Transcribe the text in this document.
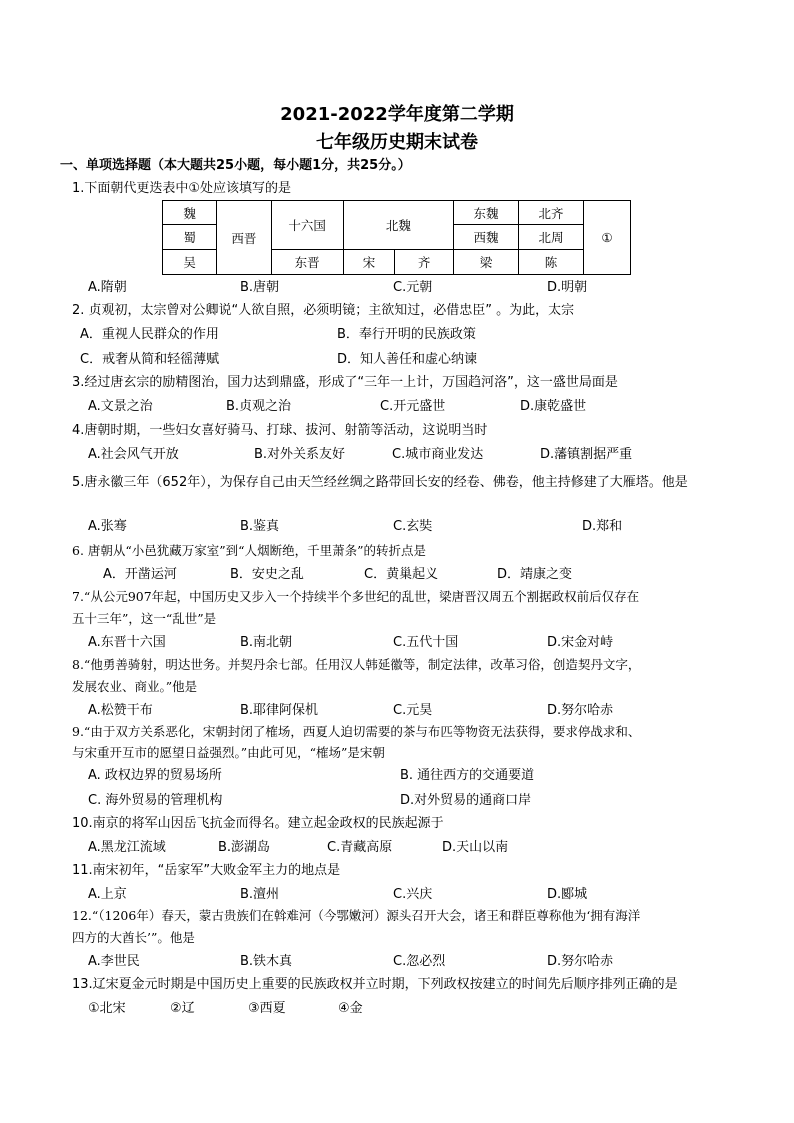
2021-2022学年度第二学期
七年级历史期末试卷
一、单项选择题（本大题共25小题，每小题1分，共25分。）
1.下面朝代更迭表中①处应该填写的是
魏	西晋	十六国	北魏		东魏	北齐	①
蜀					西魏	北周	
吴		东晋	宋	齐	梁	陈	
A.隋朝	B.唐朝	C.元朝	D.明朝
2. 贞观初，太宗曾对公卿说“人欲自照，必须明镜；主欲知过，必借忠臣” 。为此，太宗
A．重视人民群众的作用	B．奉行开明的民族政策
C．戒奢从简和轻徭薄赋	D．知人善任和虚心纳谏
3.经过唐玄宗的励精图治，国力达到鼎盛，形成了“三年一上计，万国趋河洛”，这一盛世局面是
A.文景之治	B.贞观之治	C.开元盛世	D.康乾盛世
4.唐朝时期，一些妇女喜好骑马、打球、拔河、射箭等活动，这说明当时
A.社会风气开放	B.对外关系友好	C.城市商业发达	D.藩镇割据严重
5.唐永徽三年（652年），为保存自己由天竺经丝绸之路带回长安的经卷、佛卷，他主持修建了大雁塔。他是
A.张骞	B.鉴真	C.玄奘	D.郑和
6. 唐朝从“小邑犹藏万家室”到“人烟断绝，千里萧条”的转折点是
A．开凿运河	B．安史之乱	C．黄巢起义	D．靖康之变
7.“从公元907年起，中国历史又步入一个持续半个多世纪的乱世，梁唐晋汉周五个割据政权前后仅存在
五十三年”，这一“乱世”是
A.东晋十六国	B.南北朝	C.五代十国	D.宋金对峙
8.“他勇善骑射，明达世务。并契丹余七部。任用汉人韩延徽等，制定法律，改革习俗，创造契丹文字，
发展农业、商业。”他是
A.松赞干布	B.耶律阿保机	C.元昊	D.努尔哈赤
9.“由于双方关系恶化，宋朝封闭了榷场，西夏人迫切需要的茶与布匹等物资无法获得，要求停战求和、
与宋重开互市的愿望日益强烈。”由此可见，“榷场”是宋朝
A. 政权边界的贸易场所	B. 通往西方的交通要道
C. 海外贸易的管理机构	D.对外贸易的通商口岸
10.南京的将军山因岳飞抗金而得名。建立起金政权的民族起源于
A.黑龙江流域	B.澎湖岛	C.青藏高原	D.天山以南
11.南宋初年，“岳家军”大败金军主力的地点是
A.上京	B.澶州	C.兴庆	D.郾城
12.“（1206年）春天，蒙古贵族们在斡难河（今鄂嫩河）源头召开大会，诸王和群臣尊称他为‘拥有海洋
四方的大酋长’”。他是
A.李世民	B.铁木真	C.忽必烈	D.努尔哈赤
13.辽宋夏金元时期是中国历史上重要的民族政权并立时期，下列政权按建立的时间先后顺序排列正确的是
①北宋	②辽	③西夏	④金
